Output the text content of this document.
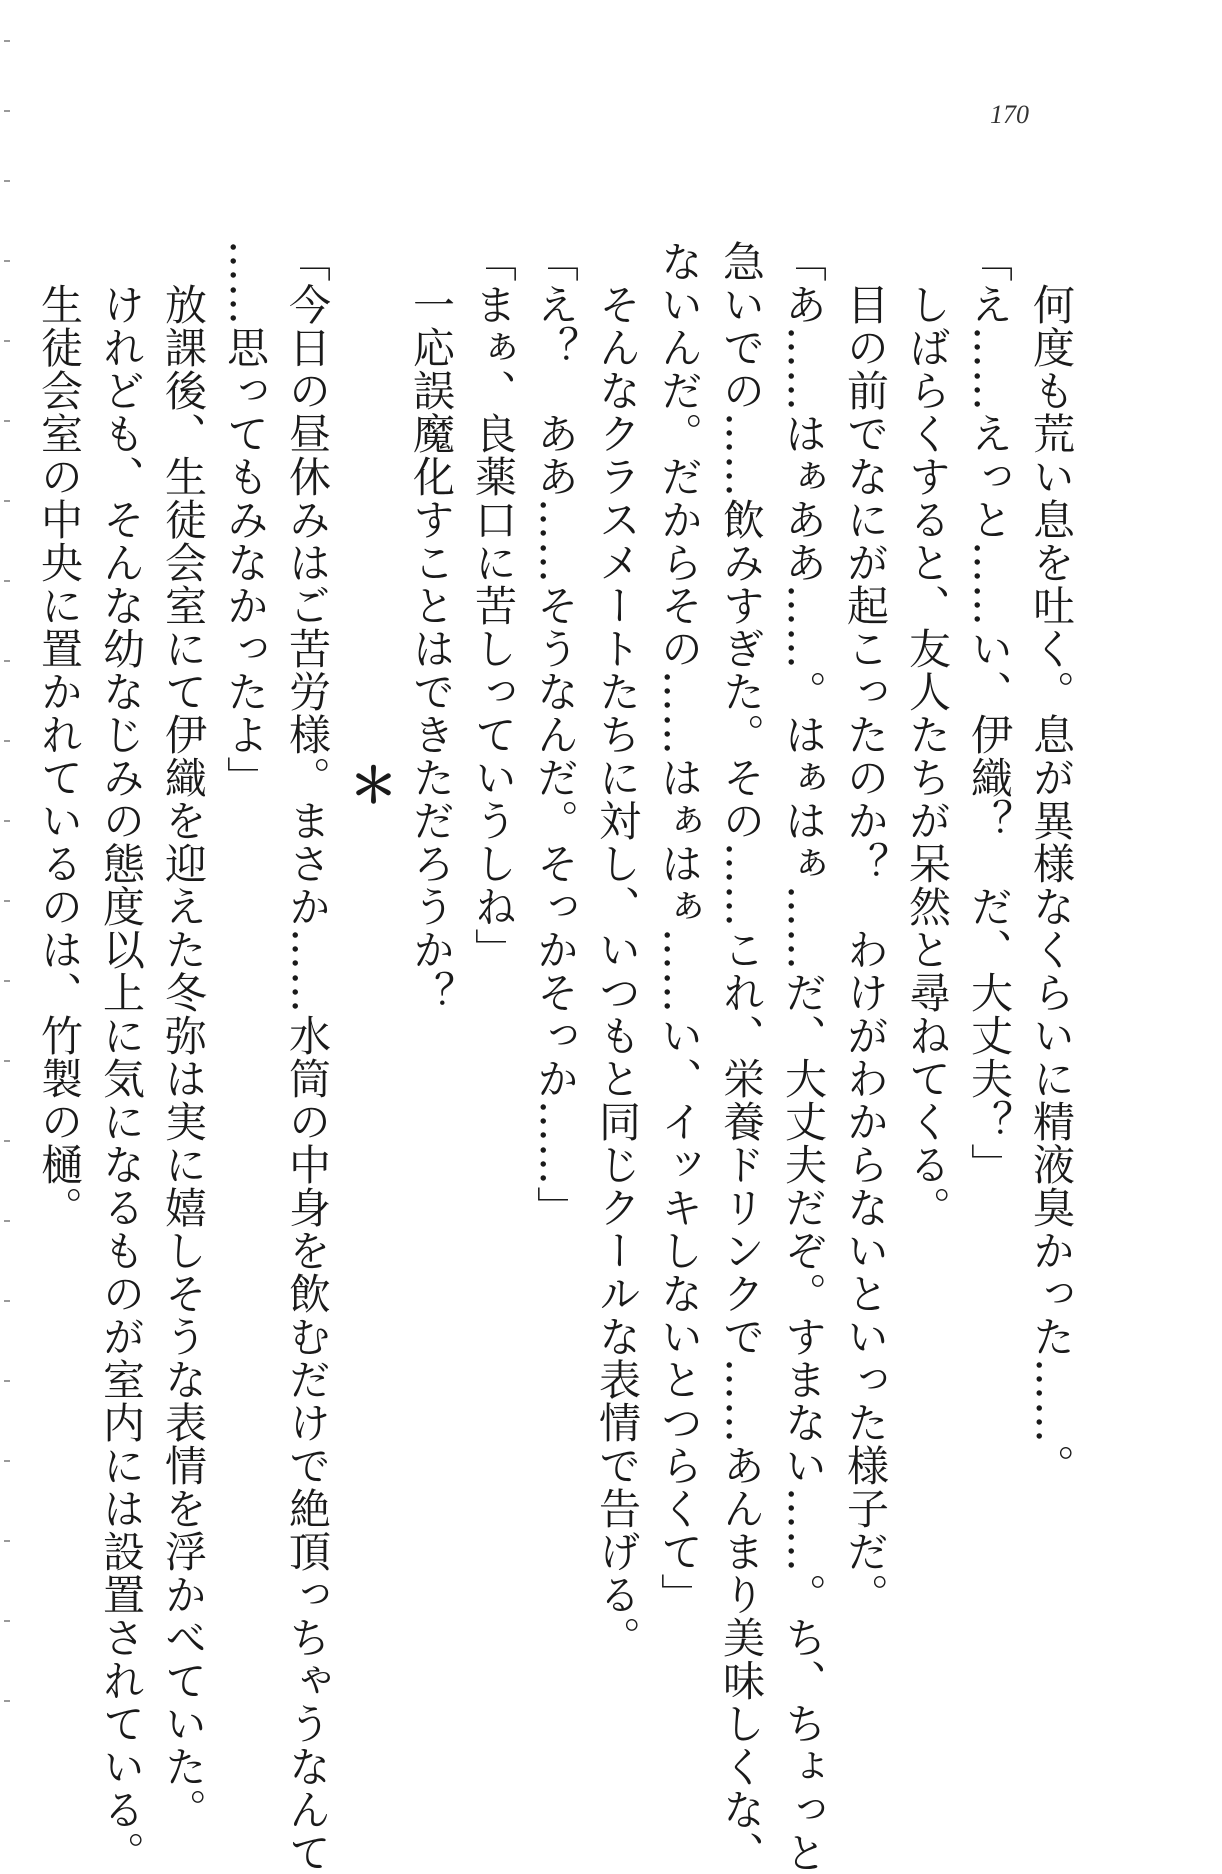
170
　何度も荒い息を吐く。息が異様なくらいに精液臭かった……。
「え……えっと……い、伊織？　だ、大丈夫？」
　しばらくすると、友人たちが呆然と尋ねてくる。
　目の前でなにが起こったのか？　わけがわからないといった様子だ。
「あ……はぁああ……。はぁはぁ……だ、大丈夫だぞ。すまない……。ち、ちょっと
急いでの……飲みすぎた。その……これ、栄養ドリンクで……あんまり美味しくな、
ないんだ。だからその……はぁはぁ……い、イッキしないとつらくて」
　そんなクラスメートたちに対し、いつもと同じクールな表情で告げる。
「え？　ああ……そうなんだ。そっかそっか……」
「まぁ、良薬口に苦しっていうしね」
　一応誤魔化すことはできただろうか？
＊
「今日の昼休みはご苦労様。まさか……水筒の中身を飲むだけで絶頂っちゃうなんて
……思ってもみなかったよ」
　放課後、生徒会室にて伊織を迎えた冬弥は実に嬉しそうな表情を浮かべていた。
　けれども、そんな幼なじみの態度以上に気になるものが室内には設置されている。
　生徒会室の中央に置かれているのは、竹製の樋。
